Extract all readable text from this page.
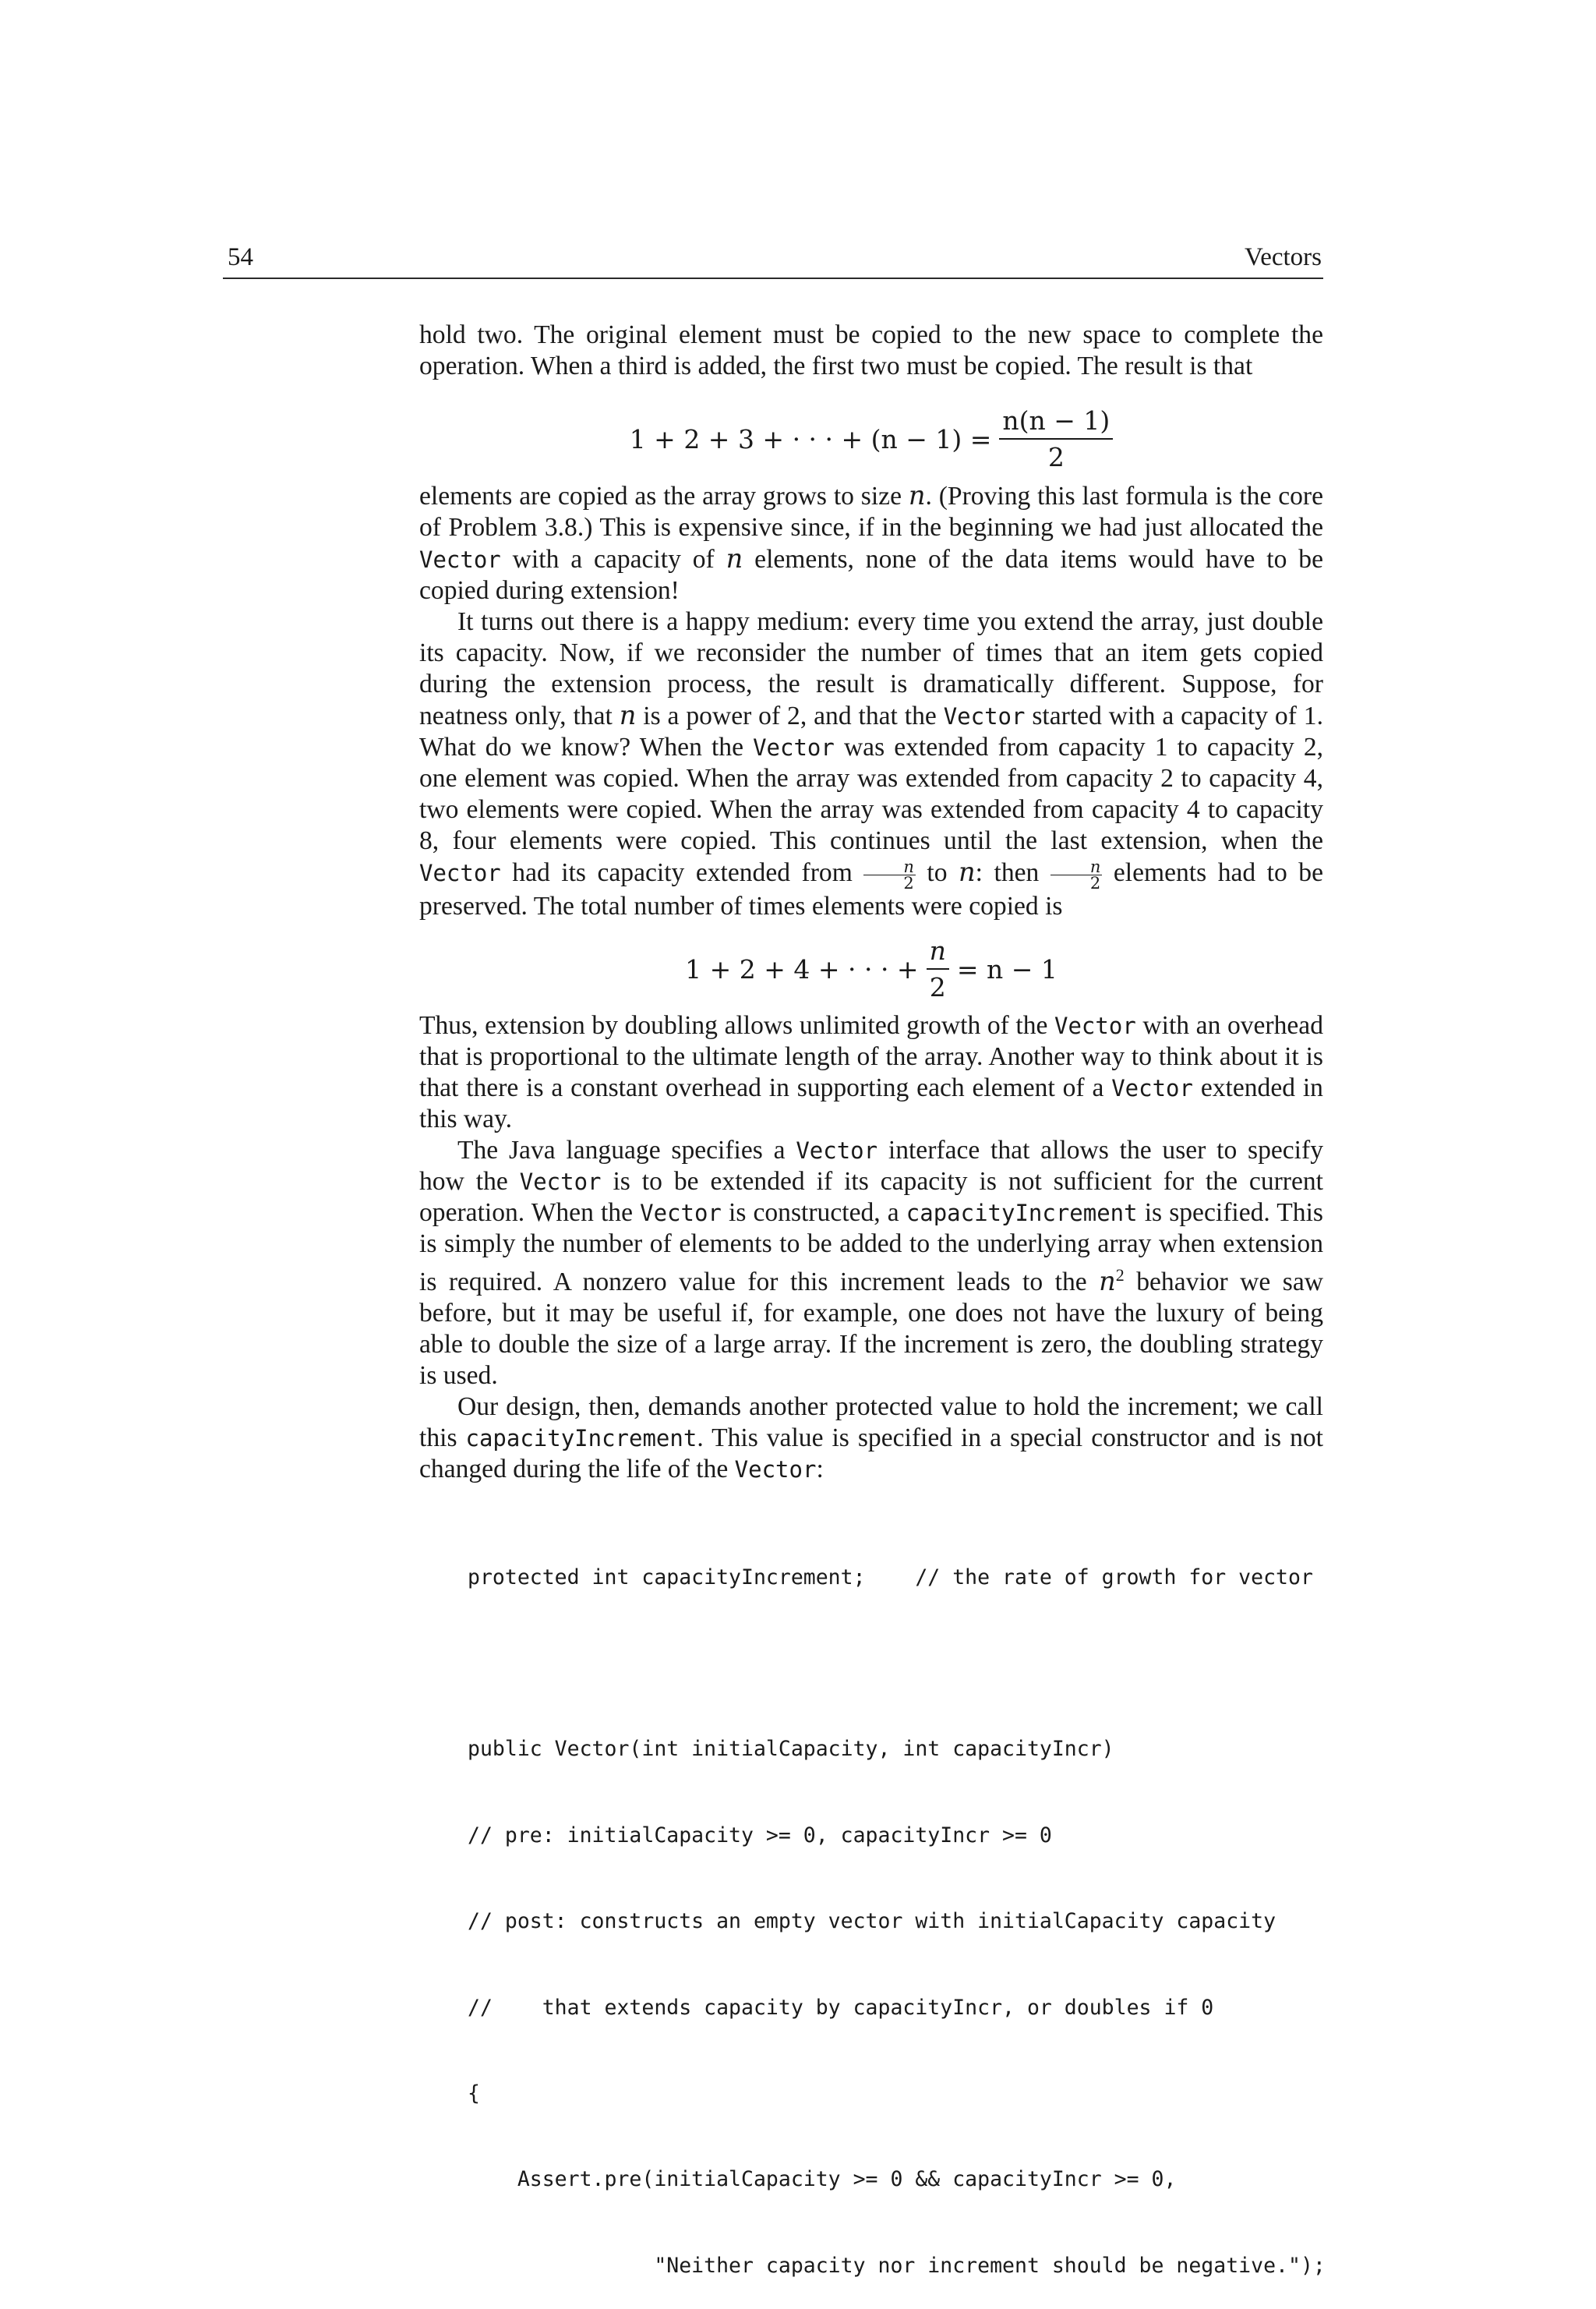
54	Vectors

hold two. The original element must be copied to the new space to complete the operation. When a third is added, the first two must be copied. The result is that

1 + 2 + 3 + · · · + $(n - 1) = \frac{n(n - 1)}{2}$

elements are copied as the array grows to size n. (Proving this last formula is the core of Problem 3.8.) This is expensive since, if in the beginning we had just allocated the Vector with a capacity of n elements, none of the data items would have to be copied during extension!

It turns out there is a happy medium: every time you extend the array, just double its capacity. Now, if we reconsider the number of times that an item gets copied during the extension process, the result is dramatically different. Suppose, for neatness only, that n is a power of 2, and that the Vector started with a capacity of 1. What do we know? When the Vector was extended from capacity 1 to capacity 2, one element was copied. When the array was extended from capacity 2 to capacity 4, two elements were copied. When the array was extended from capacity 4 to capacity 8, four elements were copied. This continues until the last extension, when the Vector had its capacity extended from $\frac{n}{2}$ to n: then $\frac{n}{2}$ elements had to be preserved. The total number of times elements were copied is

1 + 2 + 4 + · · · + $\frac{n}{2} = n - 1$

Thus, extension by doubling allows unlimited growth of the Vector with an overhead that is proportional to the ultimate length of the array. Another way to think about it is that there is a constant overhead in supporting each element of a Vector extended in this way.

The Java language specifies a Vector interface that allows the user to specify how the Vector is to be extended if its capacity is not sufficient for the current operation. When the Vector is constructed, a capacityIncrement is specified. This is simply the number of elements to be added to the underlying array when extension is required. A nonzero value for this increment leads to the $n^2$ behavior we saw before, but it may be useful if, for example, one does not have the luxury of being able to double the size of a large array. If the increment is zero, the doubling strategy is used.

Our design, then, demands another protected value to hold the increment; we call this capacityIncrement. This value is specified in a special constructor and is not changed during the life of the Vector:

protected int capacityIncrement;    // the rate of growth for vector

public Vector(int initialCapacity, int capacityIncr)

// pre: initialCapacity >= 0, capacityIncr >= 0

// post: constructs an empty vector with initialCapacity capacity

//    that extends capacity by capacityIncr, or doubles if 0

{

Assert.pre(initialCapacity >= 0 && capacityIncr >= 0,

"Neither capacity nor increment should be negative.");
